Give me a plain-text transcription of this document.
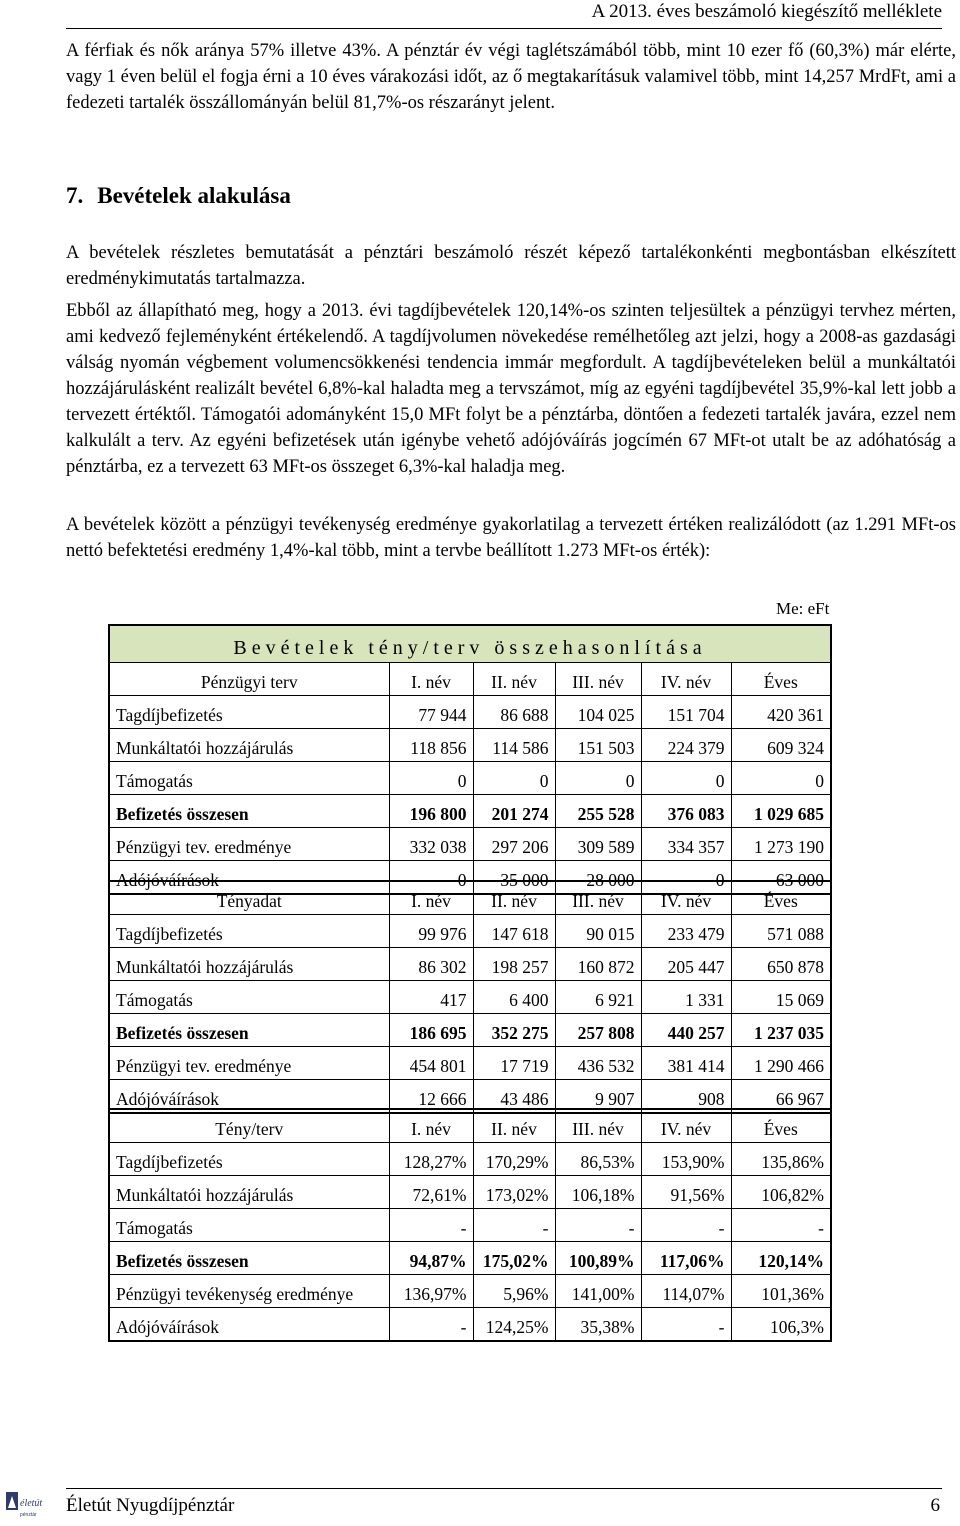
A 2013. éves beszámoló kiegészítő melléklete

A férfiak és nők aránya 57% illetve 43%. A pénztár év végi taglétszámából több, mint 10 ezer fő (60,3%) már elérte, vagy 1 éven belül el fogja érni a 10 éves várakozási időt, az ő megtakarításuk valamivel több, mint 14,257 MrdFt, ami a fedezeti tartalék összállományán belül 81,7%-os részarányt jelent.

7. Bevételek alakulása

A bevételek részletes bemutatását a pénztári beszámoló részét képező tartalékonkénti megbontásban elkészített eredménykimutatás tartalmazza.

Ebből az állapítható meg, hogy a 2013. évi tagdíjbevételek 120,14%-os szinten teljesültek a pénzügyi tervhez mérten, ami kedvező fejleményként értékelendő. A tagdíjvolumen növekedése remélhetőleg azt jelzi, hogy a 2008-as gazdasági válság nyomán végbement volumencsökkenési tendencia immár megfordult. A tagdíjbevételeken belül a munkáltatói hozzájárulásként realizált bevétel 6,8%-kal haladta meg a tervszámot, míg az egyéni tagdíjbevétel 35,9%-kal lett jobb a tervezett értéktől. Támogatói adományként 15,0 MFt folyt be a pénztárba, döntően a fedezeti tartalék javára, ezzel nem kalkulált a terv. Az egyéni befizetések után igénybe vehető adójóváírás jogcímén 67 MFt-ot utalt be az adóhatóság a pénztárba, ez a tervezett 63 MFt-os összeget 6,3%-kal haladja meg.

A bevételek között a pénzügyi tevékenység eredménye gyakorlatilag a tervezett értéken realizálódott (az 1.291 MFt-os nettó befektetési eredmény 1,4%-kal több, mint a tervbe beállított 1.273 MFt-os érték):

Me: eFt
Bevételek tény/terv összehasonlítása					
Pénzügyi terv	I. név	II. név	III. név	IV. név	Éves
Tagdíjbefizetés	77 944	86 688	104 025	151 704	420 361
Munkáltatói hozzájárulás	118 856	114 586	151 503	224 379	609 324
Támogatás	0	0	0	0	0
Befizetés összesen	196 800	201 274	255 528	376 083	1 029 685
Pénzügyi tev. eredménye	332 038	297 206	309 589	334 357	1 273 190
Adójóváírások	0	35 000	28 000	0	63 000
Tényadat	I. név	II. név	III. név	IV. név	Éves
Tagdíjbefizetés	99 976	147 618	90 015	233 479	571 088
Munkáltatói hozzájárulás	86 302	198 257	160 872	205 447	650 878
Támogatás	417	6 400	6 921	1 331	15 069
Befizetés összesen	186 695	352 275	257 808	440 257	1 237 035
Pénzügyi tev. eredménye	454 801	17 719	436 532	381 414	1 290 466
Adójóváírások	12 666	43 486	9 907	908	66 967
Tény/terv	I. név	II. név	III. név	IV. név	Éves
Tagdíjbefizetés	128,27%	170,29%	86,53%	153,90%	135,86%
Munkáltatói hozzájárulás	72,61%	173,02%	106,18%	91,56%	106,82%
Támogatás	-	-	-	-	-
Befizetés összesen	94,87%	175,02%	100,89%	117,06%	120,14%
Pénzügyi tevékenység eredménye	136,97%	5,96%	141,00%	114,07%	101,36%
Adójóváírások	-	124,25%	35,38%	-	106,3%
életút
pénztár Életút Nyugdíjpénztár	6
